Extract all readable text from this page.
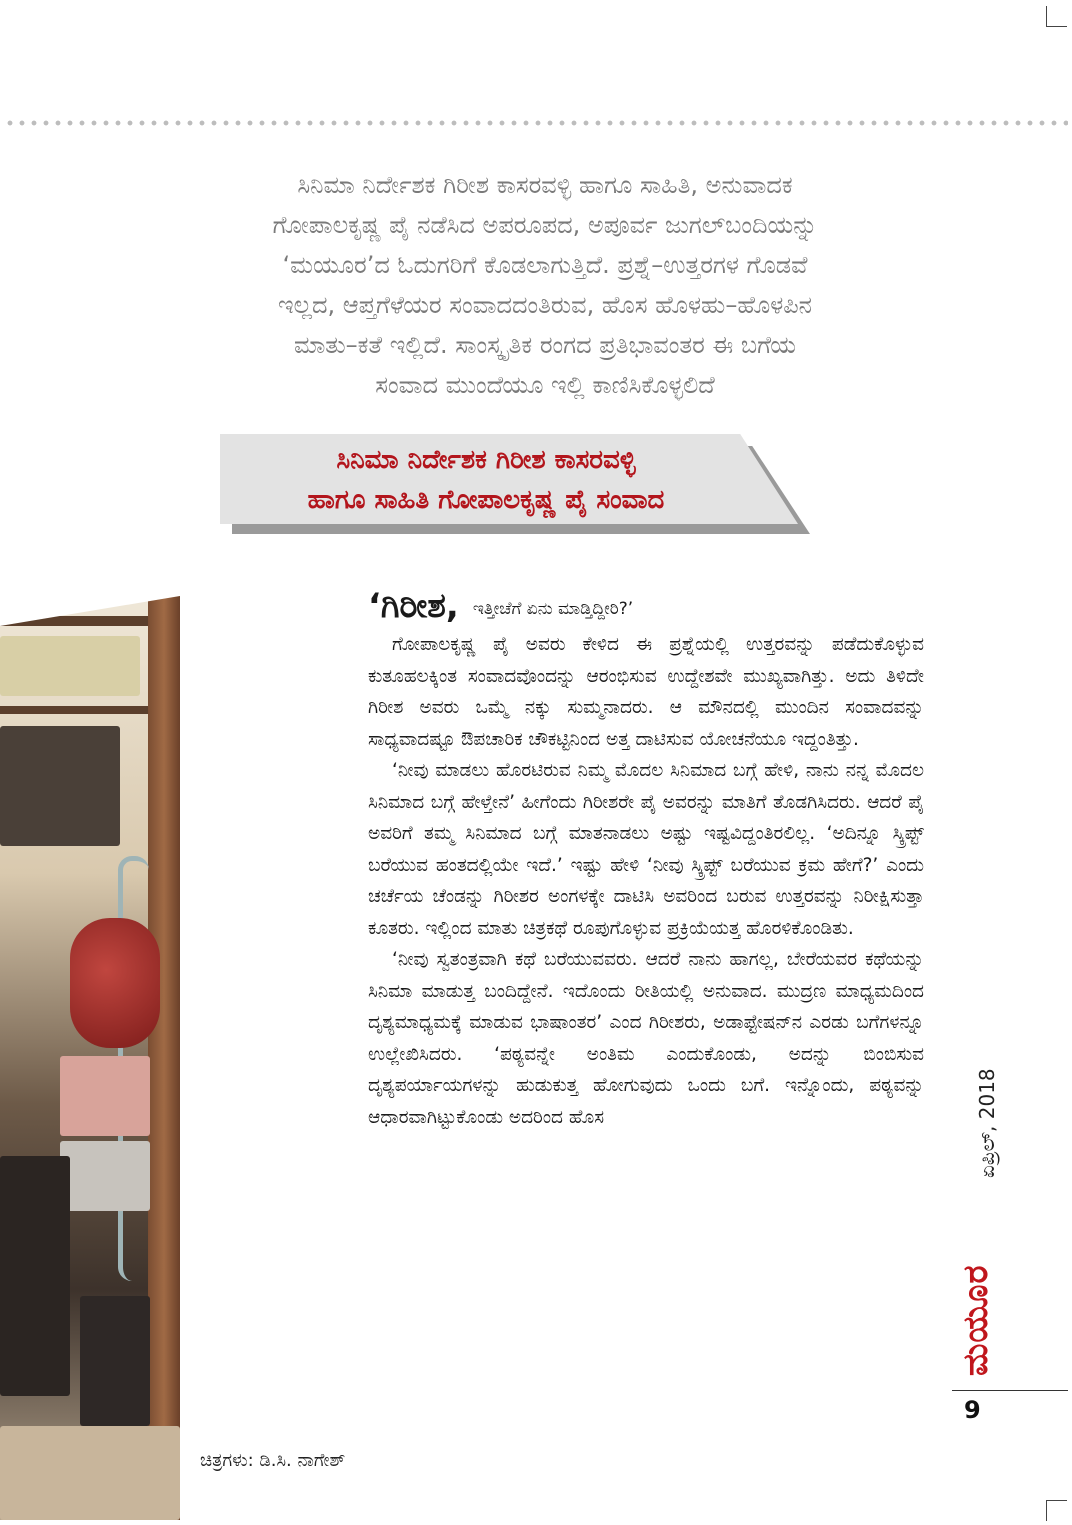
ಸಿನಿಮಾ ನಿರ್ದೇಶಕ ಗಿರೀಶ ಕಾಸರವಳ್ಳಿ ಹಾಗೂ ಸಾಹಿತಿ, ಅನುವಾದಕ
ಗೋಪಾಲಕೃಷ್ಣ ಪೈ ನಡೆಸಿದ ಅಪರೂಪದ, ಅಪೂರ್ವ ಜುಗಲ್‌ಬಂದಿಯನ್ನು
‘ಮಯೂರ’ದ ಓದುಗರಿಗೆ ಕೊಡಲಾಗುತ್ತಿದೆ. ಪ್ರಶ್ನೆ–ಉತ್ತರಗಳ ಗೊಡವೆ
ಇಲ್ಲದ, ಆಪ್ತಗೆಳೆಯರ ಸಂವಾದದಂತಿರುವ, ಹೊಸ ಹೊಳಹು–ಹೊಳಪಿನ
ಮಾತು–ಕತೆ ಇಲ್ಲಿದೆ. ಸಾಂಸ್ಕೃತಿಕ ರಂಗದ ಪ್ರತಿಭಾವಂತರ ಈ ಬಗೆಯ
ಸಂವಾದ ಮುಂದೆಯೂ ಇಲ್ಲಿ ಕಾಣಿಸಿಕೊಳ್ಳಲಿದೆ
ಸಿನಿಮಾ ನಿರ್ದೇಶಕ ಗಿರೀಶ ಕಾಸರವಳ್ಳಿ
ಹಾಗೂ ಸಾಹಿತಿ ಗೋಪಾಲಕೃಷ್ಣ ಪೈ ಸಂವಾದ

‘ಗಿರೀಶ, ಇತ್ತೀಚೆಗೆ ಏನು ಮಾಡ್ತಿದ್ದೀರಿ?’

ಗೋಪಾಲಕೃಷ್ಣ ಪೈ ಅವರು ಕೇಳಿದ ಈ ಪ್ರಶ್ನೆಯಲ್ಲಿ ಉತ್ತರವನ್ನು ಪಡೆದುಕೊಳ್ಳುವ ಕುತೂಹಲಕ್ಕಿಂತ ಸಂವಾದವೊಂದನ್ನು ಆರಂಭಿಸುವ ಉದ್ದೇಶವೇ ಮುಖ್ಯವಾಗಿತ್ತು. ಅದು ತಿಳಿದೇ ಗಿರೀಶ ಅವರು ಒಮ್ಮೆ ನಕ್ಕು ಸುಮ್ಮನಾದರು. ಆ ಮೌನದಲ್ಲಿ ಮುಂದಿನ ಸಂವಾದವನ್ನು ಸಾಧ್ಯವಾದಷ್ಟೂ ಔಪಚಾರಿಕ ಚೌಕಟ್ಟಿನಿಂದ ಅತ್ತ ದಾಟಿಸುವ ಯೋಚನೆಯೂ ಇದ್ದಂತಿತ್ತು.

‘ನೀವು ಮಾಡಲು ಹೊರಟಿರುವ ನಿಮ್ಮ ಮೊದಲ ಸಿನಿಮಾದ ಬಗ್ಗೆ ಹೇಳಿ, ನಾನು ನನ್ನ ಮೊದಲ ಸಿನಿಮಾದ ಬಗ್ಗೆ ಹೇಳ್ತೇನೆ’ ಹೀಗೆಂದು ಗಿರೀಶರೇ ಪೈ ಅವರನ್ನು ಮಾತಿಗೆ ತೊಡಗಿಸಿದರು. ಆದರೆ ಪೈ ಅವರಿಗೆ ತಮ್ಮ ಸಿನಿಮಾದ ಬಗ್ಗೆ ಮಾತನಾಡಲು ಅಷ್ಟು ಇಷ್ಟವಿದ್ದಂತಿರಲಿಲ್ಲ. ‘ಅದಿನ್ನೂ ಸ್ಕ್ರಿಪ್ಟ್ ಬರೆಯುವ ಹಂತದಲ್ಲಿಯೇ ಇದೆ.’ ಇಷ್ಟು ಹೇಳಿ ‘ನೀವು ಸ್ಕ್ರಿಪ್ಟ್ ಬರೆಯುವ ಕ್ರಮ ಹೇಗೆ?’ ಎಂದು ಚರ್ಚೆಯ ಚೆಂಡನ್ನು ಗಿರೀಶರ ಅಂಗಳಕ್ಕೇ ದಾಟಿಸಿ ಅವರಿಂದ ಬರುವ ಉತ್ತರವನ್ನು ನಿರೀಕ್ಷಿಸುತ್ತಾ ಕೂತರು. ಇಲ್ಲಿಂದ ಮಾತು ಚಿತ್ರಕಥೆ ರೂಪುಗೊಳ್ಳುವ ಪ್ರಕ್ರಿಯೆಯತ್ತ ಹೊರಳಿಕೊಂಡಿತು.

‘ನೀವು ಸ್ವತಂತ್ರವಾಗಿ ಕಥೆ ಬರೆಯುವವರು. ಆದರೆ ನಾನು ಹಾಗಲ್ಲ, ಬೇರೆಯವರ ಕಥೆಯನ್ನು ಸಿನಿಮಾ ಮಾಡುತ್ತ ಬಂದಿದ್ದೇನೆ. ಇದೊಂದು ರೀತಿಯಲ್ಲಿ ಅನುವಾದ. ಮುದ್ರಣ ಮಾಧ್ಯಮದಿಂದ ದೃಶ್ಯಮಾಧ್ಯಮಕ್ಕೆ ಮಾಡುವ ಭಾಷಾಂತರ’ ಎಂದ ಗಿರೀಶರು, ಅಡಾಪ್ಟೇಷನ್‌ನ ಎರಡು ಬಗೆಗಳನ್ನೂ ಉಲ್ಲೇಖಿಸಿದರು. ‘ಪಠ್ಯವನ್ನೇ ಅಂತಿಮ ಎಂದುಕೊಂಡು, ಅದನ್ನು ಬಿಂಬಿಸುವ ದೃಶ್ಯಪರ್ಯಾಯಗಳನ್ನು ಹುಡುಕುತ್ತ ಹೋಗುವುದು ಒಂದು ಬಗೆ. ಇನ್ನೊಂದು, ಪಠ್ಯವನ್ನು ಆಧಾರವಾಗಿಟ್ಟುಕೊಂಡು ಅದರಿಂದ ಹೊಸ	ಏಪ್ರಿಲ್, 2018
ಮಯೂರ
9
ಚಿತ್ರಗಳು: ಡಿ.ಸಿ. ನಾಗೇಶ್
